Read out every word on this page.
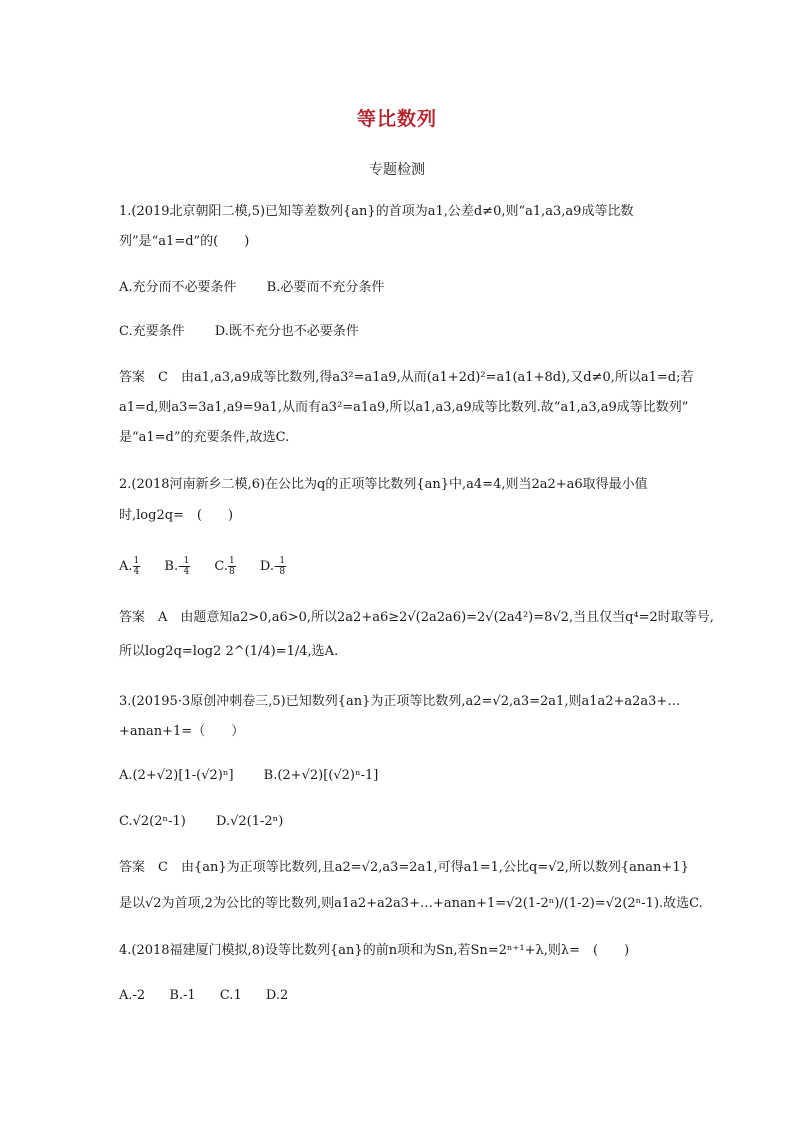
等比数列
专题检测
1.(2019北京朝阳二模,5)已知等差数列{an}的首项为a1,公差d≠0,则“a1,a3,a9成等比数
列”是“a1=d”的(　　)
A.充分而不必要条件 B.必要而不充分条件
C.充要条件 D.既不充分也不必要条件
答案　C　由a1,a3,a9成等比数列,得a3²=a1a9,从而(a1+2d)²=a1(a1+8d),又d≠0,所以a1=d;若
a1=d,则a3=3a1,a9=9a1,从而有a3²=a1a9,所以a1,a3,a9成等比数列.故“a1,a3,a9成等比数列”
是“a1=d”的充要条件,故选C.
2.(2018河南新乡二模,6)在公比为q的正项等比数列{an}中,a4=4,则当2a2+a6取得最小值
时,log2q=　(　　)
A. $\frac{1}{4} B.- \frac{1}{4} C$. $\frac{1}{8} D.- \frac{1}{8}$
答案　A　由题意知a2>0,a6>0,所以2a2+a6≥2√(2a2a6)=2√(2a4²)=8√2,当且仅当q⁴=2时取等号,
所以log2q=log2 2^(1/4)=1/4,选A.
3.(20195·3原创冲刺卷三,5)已知数列{an}为正项等比数列,a2=√2,a3=2a1,则a1a2+a2a3+…
+anan+1=（　　）
A.(2+√2)[1-(√2)ⁿ] B.(2+√2)[(√2)ⁿ-1]
C.√2(2ⁿ-1) D.√2(1-2ⁿ)
答案　C　由{an}为正项等比数列,且a2=√2,a3=2a1,可得a1=1,公比q=√2,所以数列{anan+1}
是以√2为首项,2为公比的等比数列,则a1a2+a2a3+…+anan+1=√2(1-2ⁿ)/(1-2)=√2(2ⁿ-1).故选C.
4.(2018福建厦门模拟,8)设等比数列{an}的前n项和为Sn,若Sn=2ⁿ⁺¹+λ,则λ=　(　　)
A.-2 B.-1 C.1 D.2
